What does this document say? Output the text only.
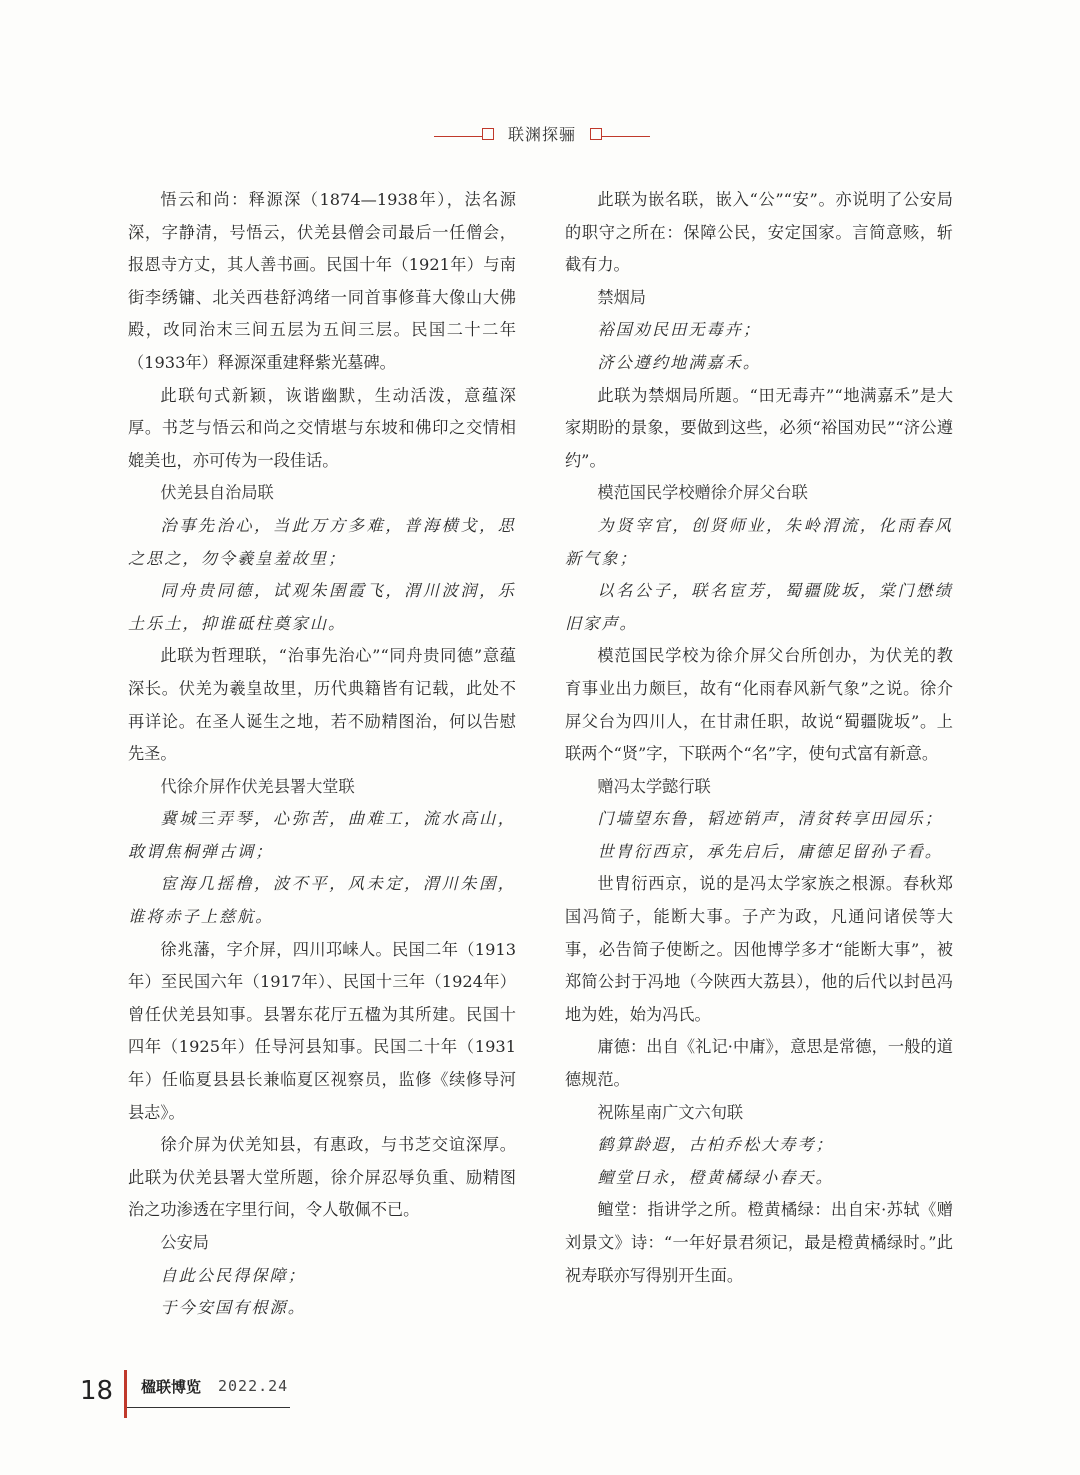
联渊探骊

悟云和尚：释源深（1874—1938年），法名源深，字静清，号悟云，伏羌县僧会司最后一任僧会，报恩寺方丈，其人善书画。民国十年（1921年）与南街李绣镛、北关西巷舒鸿绪一同首事修葺大像山大佛殿，改同治末三间五层为五间三层。民国二十二年（1933年）释源深重建释紫光墓碑。

此联句式新颖，诙谐幽默，生动活泼，意蕴深厚。书芝与悟云和尚之交情堪与东坡和佛印之交情相媲美也，亦可传为一段佳话。

伏羌县自治局联

治事先治心，当此万方多难，普海横戈，思之思之，勿令羲皇羞故里；

同舟贵同德，试观朱圉霞飞，渭川波润，乐土乐土，抑谁砥柱奠家山。

此联为哲理联，“治事先治心”“同舟贵同德”意蕴深长。伏羌为羲皇故里，历代典籍皆有记载，此处不再详论。在圣人诞生之地，若不励精图治，何以告慰先圣。

代徐介屏作伏羌县署大堂联

冀城三弄琴，心弥苦，曲难工，流水高山，敢谓焦桐弹古调；

宦海几摇橹，波不平，风未定，渭川朱圉，谁将赤子上慈航。

徐兆藩，字介屏，四川邛崃人。民国二年（1913年）至民国六年（1917年）、民国十三年（1924年）曾任伏羌县知事。县署东花厅五楹为其所建。民国十四年（1925年）任导河县知事。民国二十年（1931年）任临夏县县长兼临夏区视察员，监修《续修导河县志》。

徐介屏为伏羌知县，有惠政，与书芝交谊深厚。此联为伏羌县署大堂所题，徐介屏忍辱负重、励精图治之功渗透在字里行间，令人敬佩不已。

公安局

自此公民得保障；

于今安国有根源。

此联为嵌名联，嵌入“公”“安”。亦说明了公安局的职守之所在：保障公民，安定国家。言简意赅，斩截有力。

禁烟局

裕国劝民田无毒卉；

济公遵约地满嘉禾。

此联为禁烟局所题。“田无毒卉”“地满嘉禾”是大家期盼的景象，要做到这些，必须“裕国劝民”“济公遵约”。

模范国民学校赠徐介屏父台联

为贤宰官，创贤师业，朱岭渭流，化雨春风新气象；

以名公子，联名宦芳，蜀疆陇坂，棠门懋绩旧家声。

模范国民学校为徐介屏父台所创办，为伏羌的教育事业出力颇巨，故有“化雨春风新气象”之说。徐介屏父台为四川人，在甘肃任职，故说“蜀疆陇坂”。上联两个“贤”字，下联两个“名”字，使句式富有新意。

赠冯太学懿行联

门墙望东鲁，韬迹销声，清贫转享田园乐；

世胄衍西京，承先启后，庸德足留孙子看。

世胄衍西京，说的是冯太学家族之根源。春秋郑国冯简子，能断大事。子产为政，凡通问诸侯等大事，必告简子使断之。因他博学多才“能断大事”，被郑简公封于冯地（今陕西大荔县），他的后代以封邑冯地为姓，始为冯氏。

庸德：出自《礼记·中庸》，意思是常德，一般的道德规范。

祝陈星南广文六旬联

鹤算龄遐，古柏乔松大寿考；

鳣堂日永，橙黄橘绿小春天。

鳣堂：指讲学之所。橙黄橘绿：出自宋·苏轼《赠刘景文》诗：“一年好景君须记，最是橙黄橘绿时。”此祝寿联亦写得别开生面。

18 楹联博览 2022.24
